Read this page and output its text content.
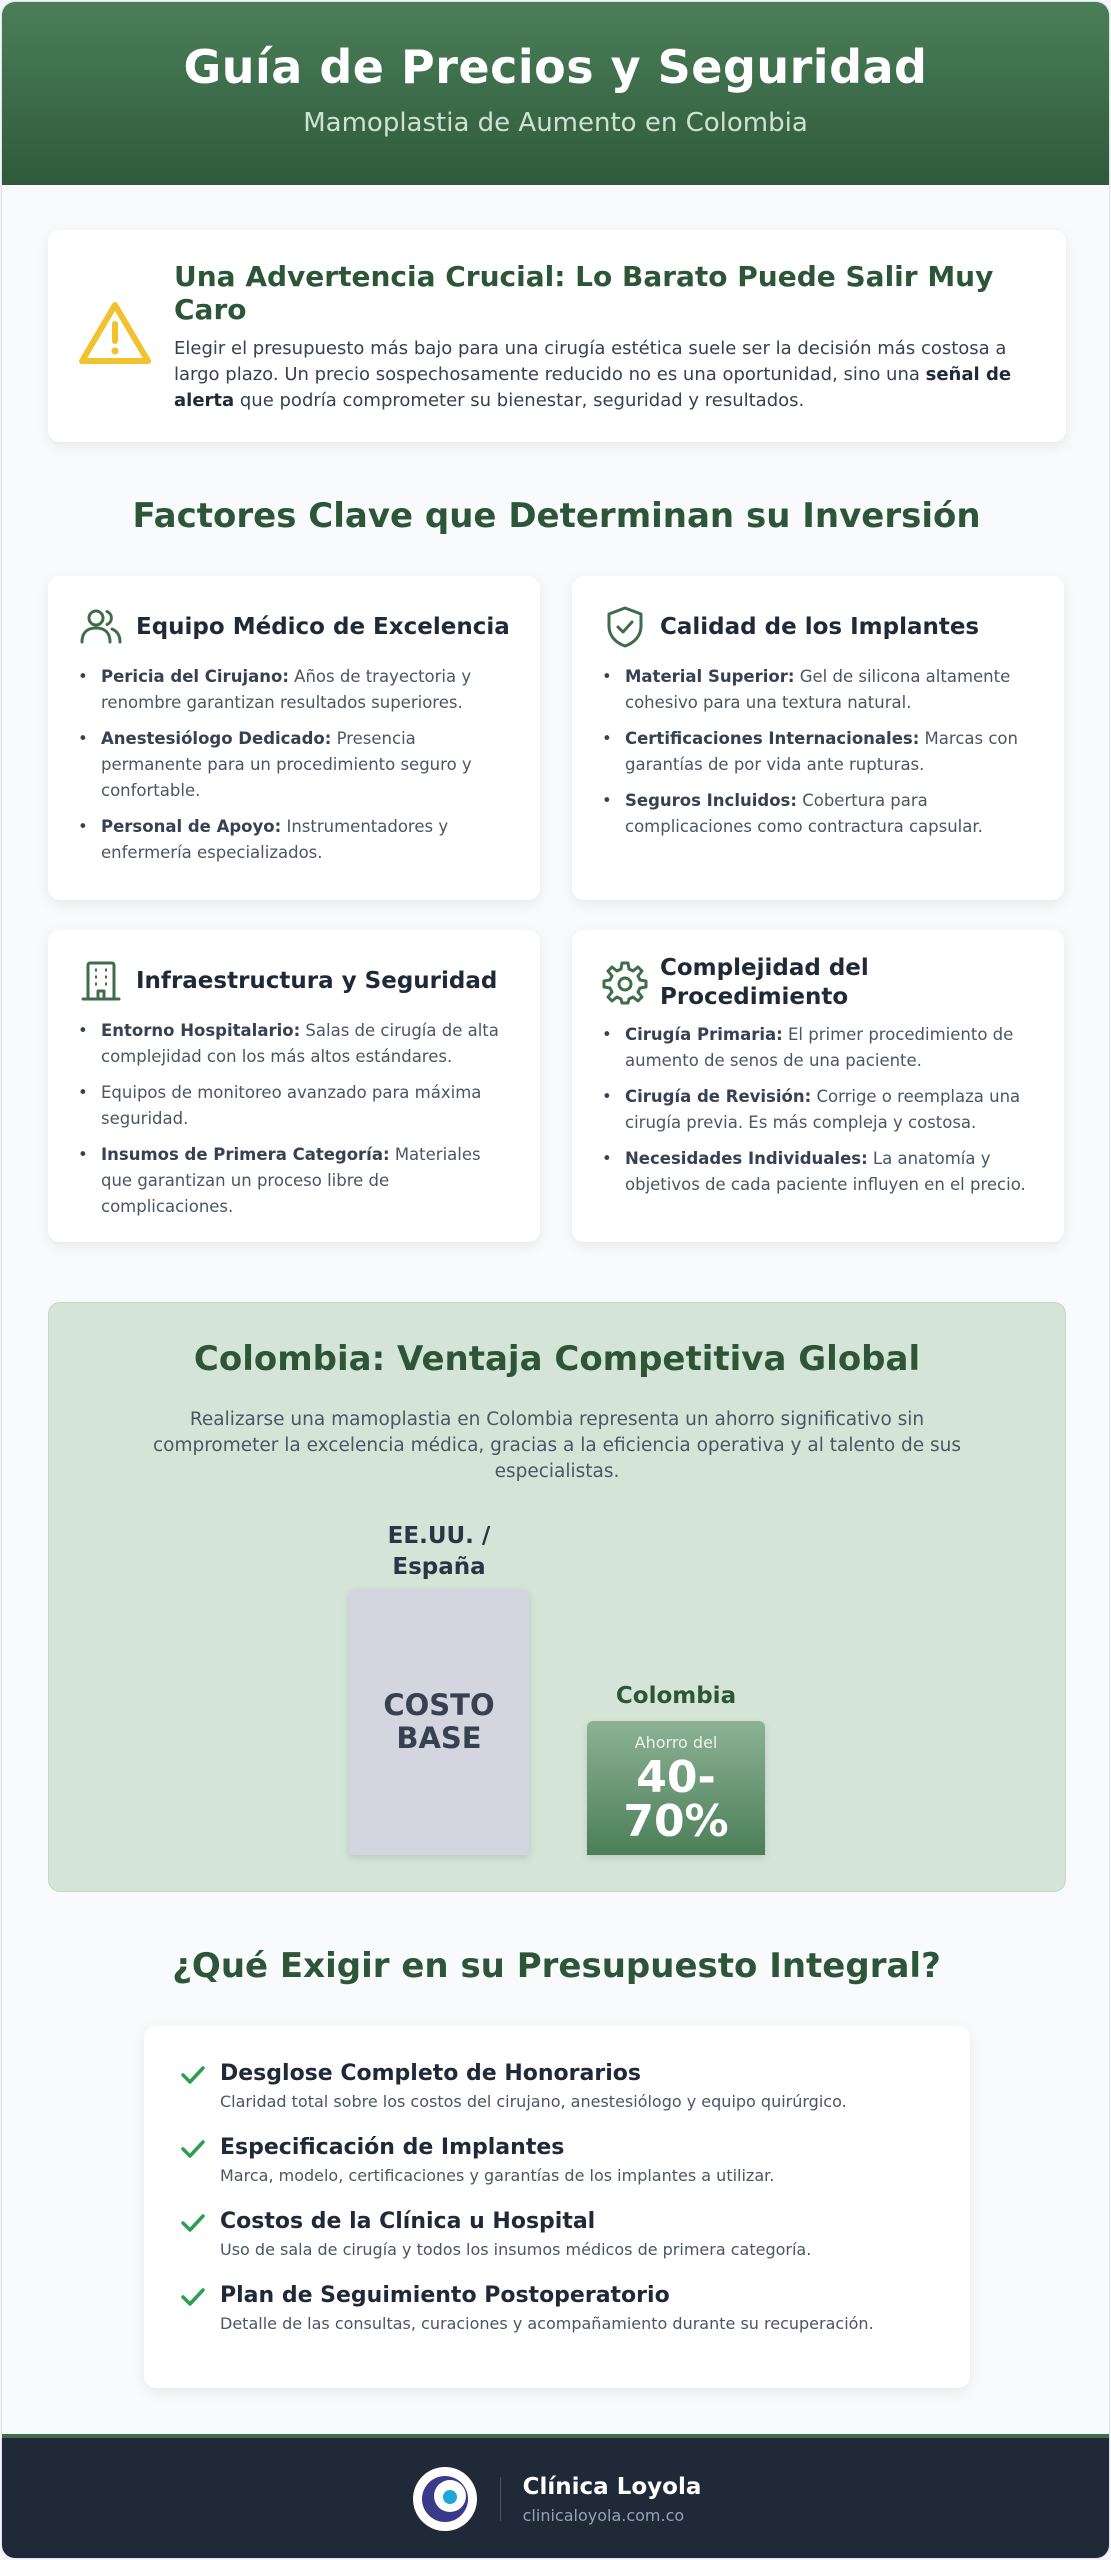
Guía de Precios y Seguridad
Mamoplastia de Aumento en Colombia
Una Advertencia Crucial: Lo Barato Puede Salir Muy Caro

Elegir el presupuesto más bajo para una cirugía estética suele ser la decisión más costosa a largo plazo. Un precio sospechosamente reducido no es una oportunidad, sino una señal de alerta que podría comprometer su bienestar, seguridad y resultados.

Factores Clave que Determinan su Inversión
Equipo Médico de Excelencia
• Pericia del Cirujano: Años de trayectoria y renombre garantizan resultados superiores.
• Anestesiólogo Dedicado: Presencia permanente para un procedimiento seguro y confortable.
• Personal de Apoyo: Instrumentadores y enfermería especializados.
Calidad de los Implantes
• Material Superior: Gel de silicona altamente cohesivo para una textura natural.
• Certificaciones Internacionales: Marcas con garantías de por vida ante rupturas.
• Seguros Incluidos: Cobertura para complicaciones como contractura capsular.
Infraestructura y Seguridad
• Entorno Hospitalario: Salas de cirugía de alta complejidad con los más altos estándares.
• Equipos de monitoreo avanzado para máxima seguridad.
• Insumos de Primera Categoría: Materiales que garantizan un proceso libre de complicaciones.
Complejidad del Procedimiento
• Cirugía Primaria: El primer procedimiento de aumento de senos de una paciente.
• Cirugía de Revisión: Corrige o reemplaza una cirugía previa. Es más compleja y costosa.
• Necesidades Individuales: La anatomía y objetivos de cada paciente influyen en el precio.
Colombia: Ventaja Competitiva Global
Realizarse una mamoplastia en Colombia representa un ahorro significativo sin comprometer la excelencia médica, gracias a la eficiencia operativa y al talento de sus especialistas.
EE.UU. / España
COSTO BASE
Colombia
Ahorro del
40-70%
¿Qué Exigir en su Presupuesto Integral?
Desglose Completo de Honorarios

Claridad total sobre los costos del cirujano, anestesiólogo y equipo quirúrgico.

Especificación de Implantes

Marca, modelo, certificaciones y garantías de los implantes a utilizar.

Costos de la Clínica u Hospital

Uso de sala de cirugía y todos los insumos médicos de primera categoría.

Plan de Seguimiento Postoperatorio

Detalle de las consultas, curaciones y acompañamiento durante su recuperación.

Clínica Loyola
clinicaloyola.com.co
